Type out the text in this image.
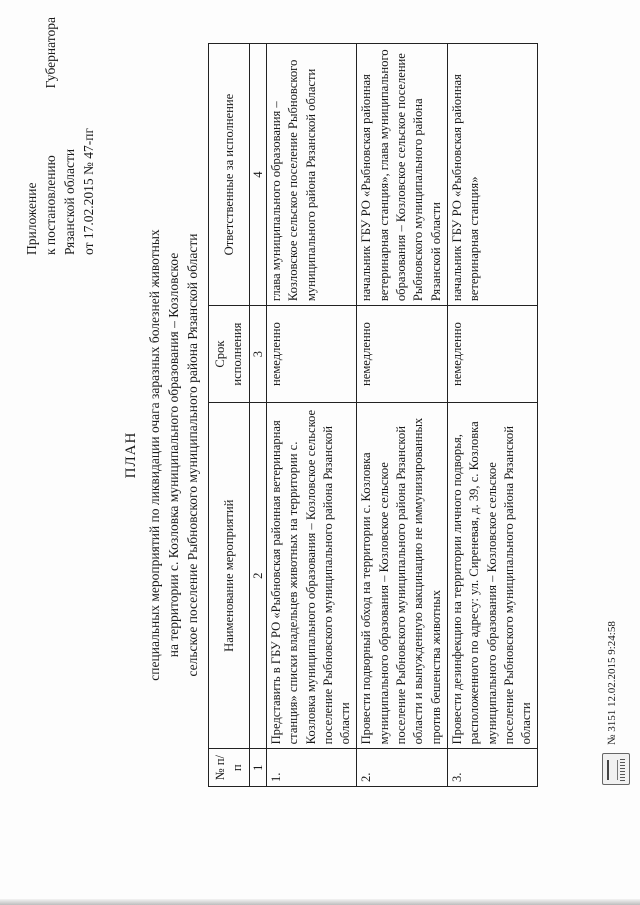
Приложение к постановлению
Губернатора
Рязанской области от 17.02.2015 № 47-пг
ПЛАН специальных мероприятий по ликвидации очага заразных болезней животных на территории с. Козловка муниципального образования – Козловское сельское поселение Рыбновского муниципального района Рязанской области
№ п/п	Наименование мероприятий	Срок исполнения	Ответственные за исполнение
1	2	3	4
1.	Представить в ГБУ РО «Рыбновская районная ветеринарная станция» списки владельцев животных на территории с. Козловка муниципального образования – Козловское сельское поселение Рыбновского муниципального района Рязанской области	немедленно	глава муниципального образования – Козловское сельское поселение Рыбновского муниципального района Рязанской области
2.	Провести подворный обход на территории с. Козловка муниципального образования – Козловское сельское поселение Рыбновского муниципального района Рязанской области и вынужденную вакцинацию не иммунизированных против бешенства животных	немедленно	начальник ГБУ РО «Рыбновская районная ветеринарная станция», глава муниципального образования – Козловское сельское поселение Рыбновского муниципального района Рязанской области
3.	Провести дезинфекцию на территории личного подворья, расположенного по адресу: ул. Сиреневая, д. 39, с. Козловка муниципального образования – Козловское сельское поселение Рыбновского муниципального района Рязанской области	немедленно	начальник ГБУ РО «Рыбновская районная ветеринарная станция»
№ 3151 12.02.2015 9:24:58
